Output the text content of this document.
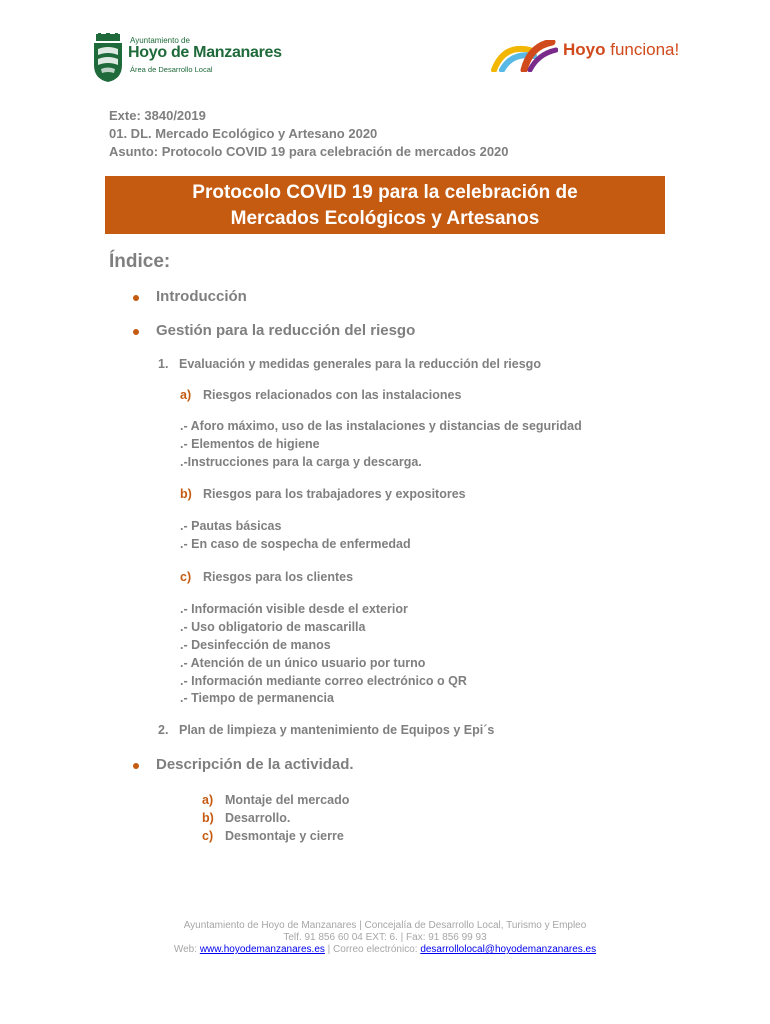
Ayuntamiento de
Hoyo de Manzanares
Área de Desarrollo Local
Hoyo funciona!
Exte: 3840/2019
01. DL. Mercado Ecológico y Artesano 2020
Asunto: Protocolo COVID 19 para celebración de mercados 2020
Protocolo COVID 19 para la celebración de
Mercados Ecológicos y Artesanos
Índice:
Introducción
Gestión para la reducción del riesgo
1. Evaluación y medidas generales para la reducción del riesgo
a) Riesgos relacionados con las instalaciones
.- Aforo máximo, uso de las instalaciones y distancias de seguridad
.- Elementos de higiene
.-Instrucciones para la carga y descarga.
b) Riesgos para los trabajadores y expositores
.- Pautas básicas
.- En caso de sospecha de enfermedad
c) Riesgos para los clientes
.- Información visible desde el exterior
.- Uso obligatorio de mascarilla
.- Desinfección de manos
.- Atención de un único usuario por turno
.- Información mediante correo electrónico o QR
.- Tiempo de permanencia
2. Plan de limpieza y mantenimiento de Equipos y Epi´s
Descripción de la actividad.
a) Montaje del mercado
b) Desarrollo.
c) Desmontaje y cierre
Ayuntamiento de Hoyo de Manzanares | Concejalía de Desarrollo Local, Turismo y Empleo
Telf. 91 856 60 04 EXT: 6. | Fax: 91 856 99 93
Web: www.hoyodemanzanares.es | Correo electrónico: desarrollolocal@hoyodemanzanares.es
